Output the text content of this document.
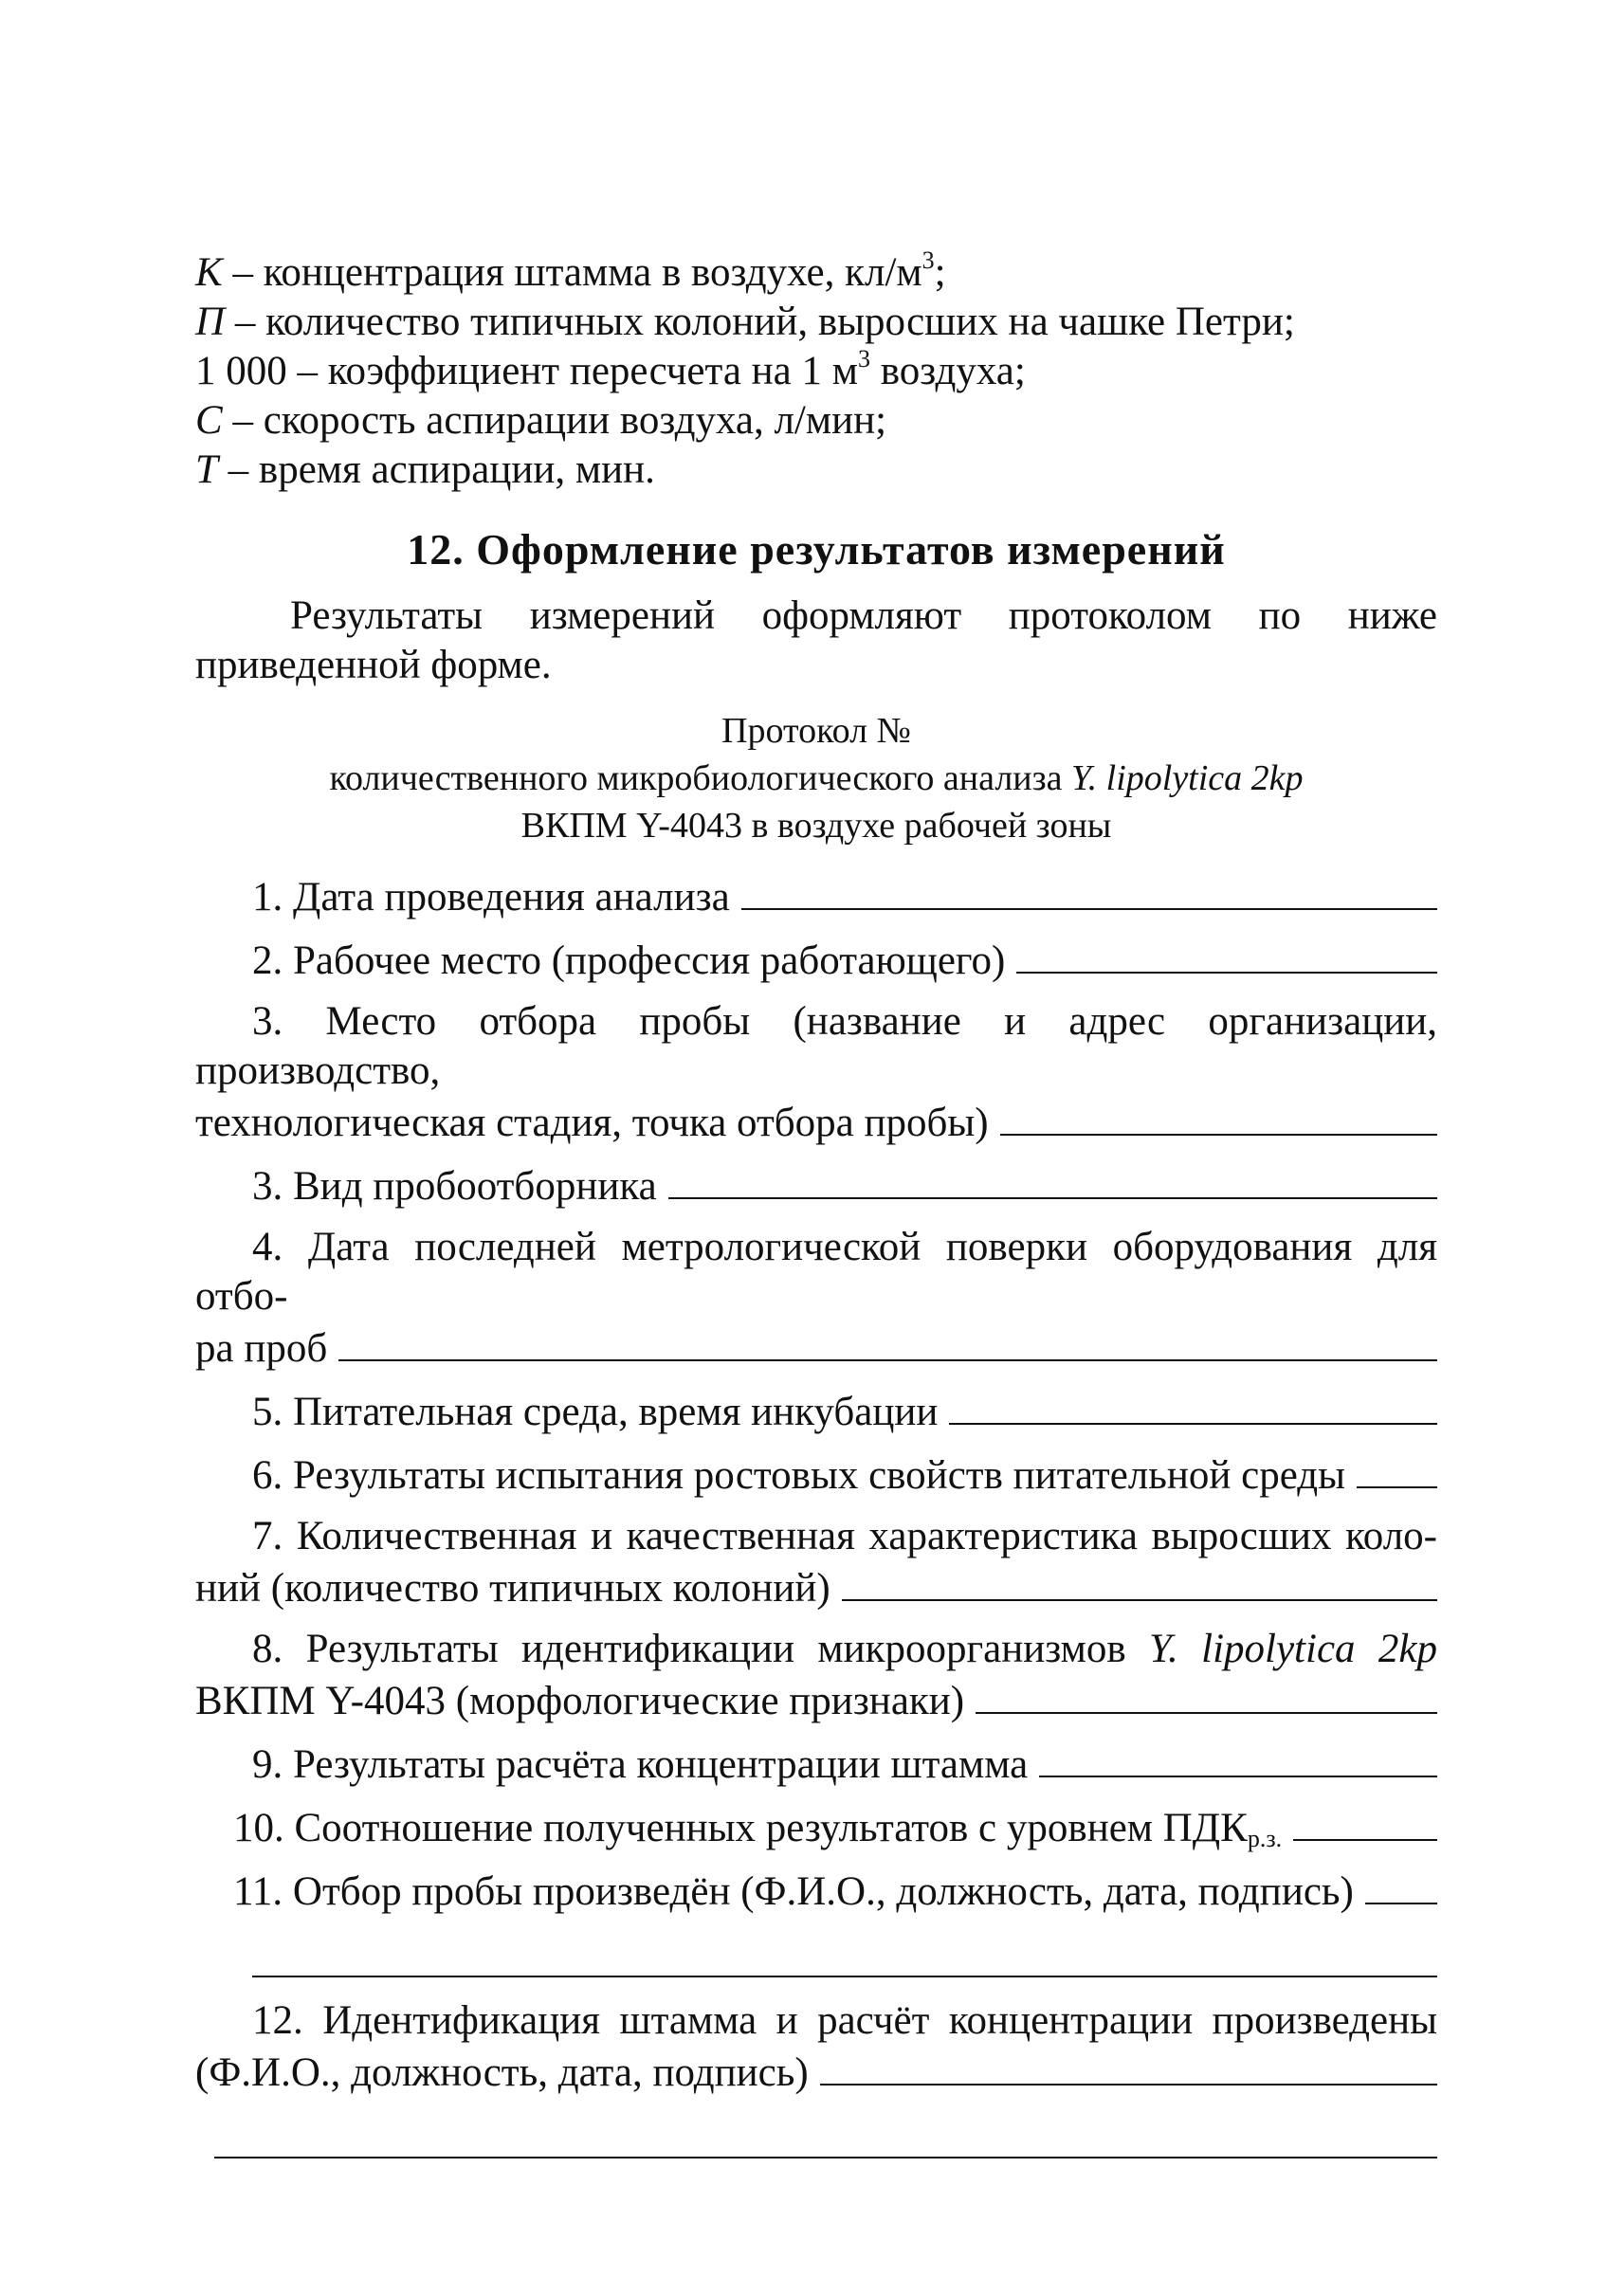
K – концентрация штамма в воздухе, $кл/м^3$;
П – количество типичных колоний, выросших на чашке Петри;
1 000 – коэффициент пересчета на 1 $м^3$ воздуха;
С – скорость аспирации воздуха, л/мин;
Т – время аспирации, мин.
12. Оформление результатов измерений
Результаты измерений оформляют протоколом по ниже приведенной форме.
Протокол №
количественного микробиологического анализа Y. lipolytica 2kp
ВКПМ Y-4043 в воздухе рабочей зоны
1. Дата проведения анализа
2. Рабочее место (профессия работающего)
3. Место отбора пробы (название и адрес организации, производство,
технологическая стадия, точка отбора пробы)
3. Вид пробоотборника
4. Дата последней метрологической поверки оборудования для отбо-
ра проб
5. Питательная среда, время инкубации
6. Результаты испытания ростовых свойств питательной среды
7. Количественная и качественная характеристика выросших коло-
ний (количество типичных колоний)
8. Результаты идентификации микроорганизмов Y. lipolytica 2kp
ВКПМ Y-4043 (морфологические признаки)
9. Результаты расчёта концентрации штамма
10. Соотношение полученных результатов с уровнем $ПДК_{р.з.}$
11. Отбор пробы произведён (Ф.И.О., должность, дата, подпись)
12. Идентификация штамма и расчёт концентрации произведены
(Ф.И.О., должность, дата, подпись)
